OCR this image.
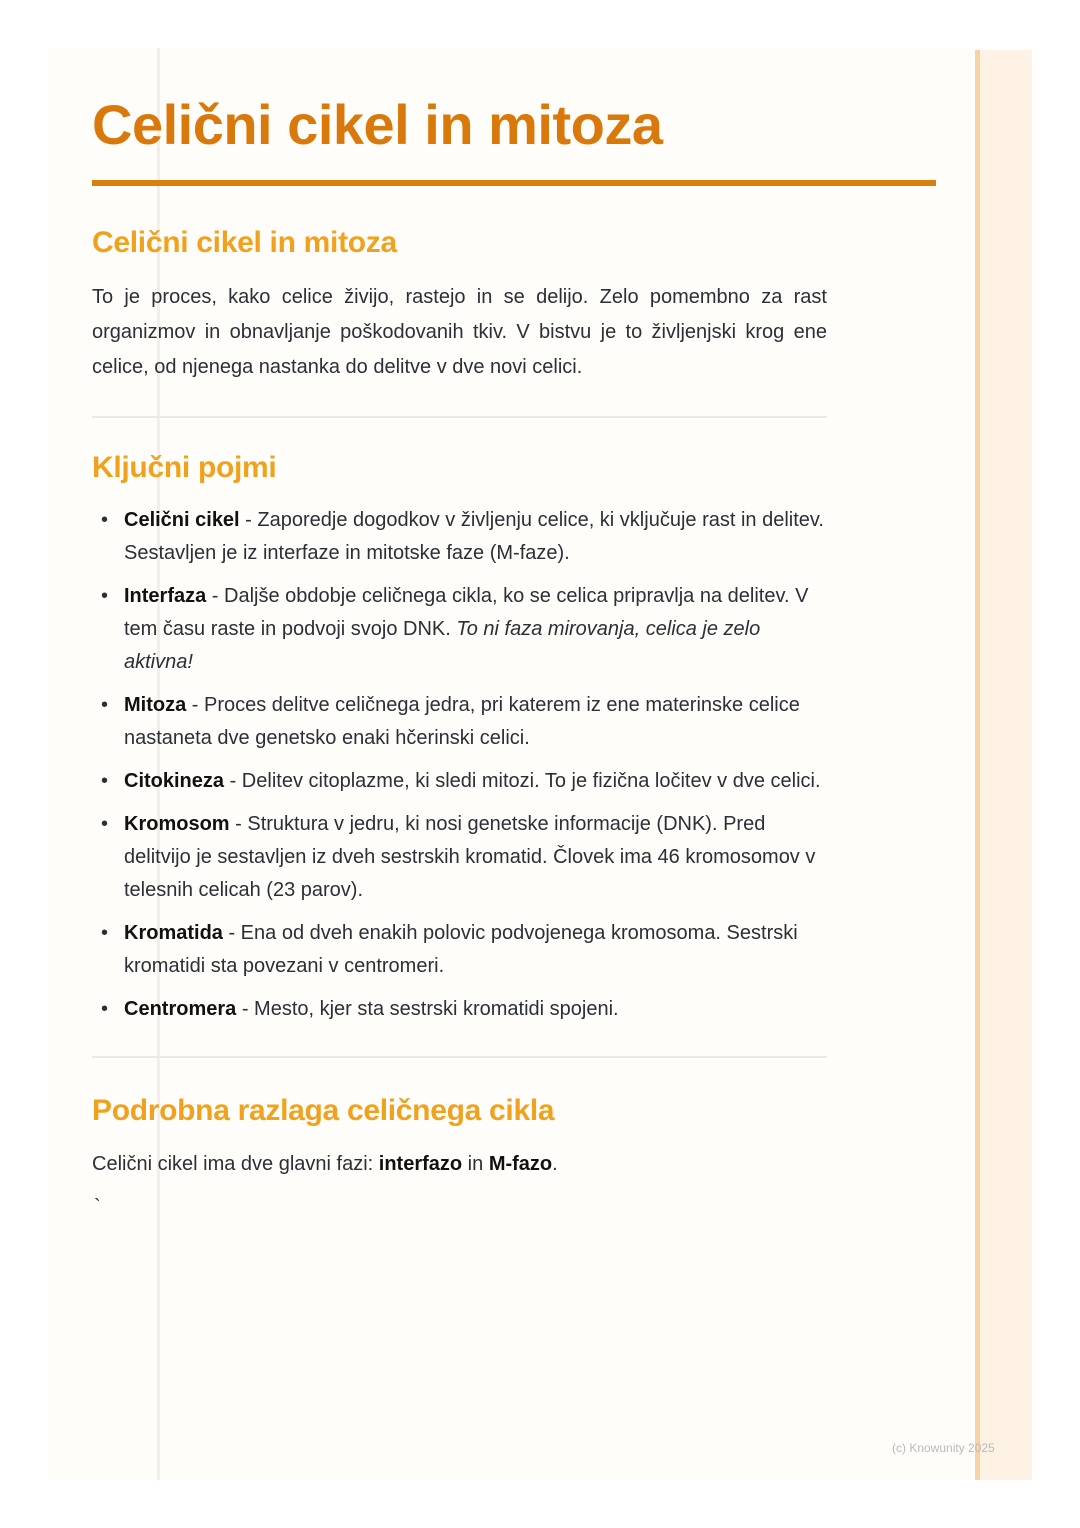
Celični cikel in mitoza
Celični cikel in mitoza

To je proces, kako celice živijo, rastejo in se delijo. Zelo pomembno za rast organizmov in obnavljanje poškodovanih tkiv. V bistvu je to življenjski krog ene celice, od njenega nastanka do delitve v dve novi celici.

Ključni pojmi
• Celični cikel - Zaporedje dogodkov v življenju celice, ki vključuje rast in delitev. Sestavljen je iz interfaze in mitotske faze (M-faze).
• Interfaza - Daljše obdobje celičnega cikla, ko se celica pripravlja na delitev. V tem času raste in podvoji svojo DNK. To ni faza mirovanja, celica je zelo aktivna!
• Mitoza - Proces delitve celičnega jedra, pri katerem iz ene materinske celice nastaneta dve genetsko enaki hčerinski celici.
• Citokineza - Delitev citoplazme, ki sledi mitozi. To je fizična ločitev v dve celici.
• Kromosom - Struktura v jedru, ki nosi genetske informacije (DNK). Pred delitvijo je sestavljen iz dveh sestrskih kromatid. Človek ima 46 kromosomov v telesnih celicah (23 parov).
• Kromatida - Ena od dveh enakih polovic podvojenega kromosoma. Sestrski kromatidi sta povezani v centromeri.
• Centromera - Mesto, kjer sta sestrski kromatidi spojeni.
Podrobna razlaga celičnega cikla

Celični cikel ima dve glavni fazi: interfazo in M-fazo.

`
(c) Knowunity 2025
